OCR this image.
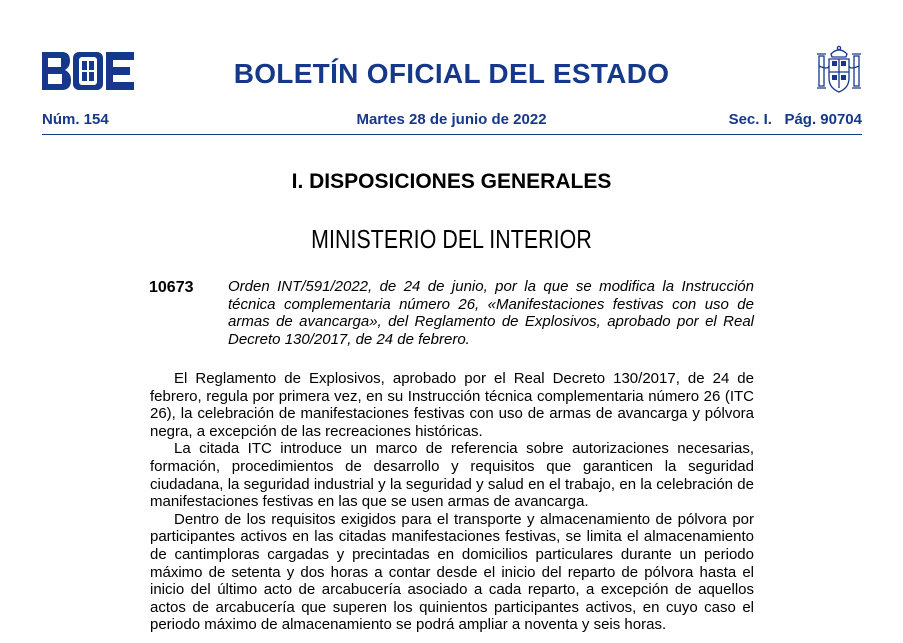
BOLETÍN OFICIAL DEL ESTADO
Núm. 154	Martes 28 de junio de 2022	Sec. I. Pág. 90704
I. DISPOSICIONES GENERALES
MINISTERIO DEL INTERIOR
10673 Orden INT/591/2022, de 24 de junio, por la que se modifica la Instrucción técnica complementaria número 26, «Manifestaciones festivas con uso de armas de avancarga», del Reglamento de Explosivos, aprobado por el Real Decreto 130/2017, de 24 de febrero.

El Reglamento de Explosivos, aprobado por el Real Decreto 130/2017, de 24 de febrero, regula por primera vez, en su Instrucción técnica complementaria número 26 (ITC 26), la celebración de manifestaciones festivas con uso de armas de avancarga y pólvora negra, a excepción de las recreaciones históricas.

La citada ITC introduce un marco de referencia sobre autorizaciones necesarias, formación, procedimientos de desarrollo y requisitos que garanticen la seguridad ciudadana, la seguridad industrial y la seguridad y salud en el trabajo, en la celebración de manifestaciones festivas en las que se usen armas de avancarga.

Dentro de los requisitos exigidos para el transporte y almacenamiento de pólvora por participantes activos en las citadas manifestaciones festivas, se limita el almacenamiento de cantimploras cargadas y precintadas en domicilios particulares durante un periodo máximo de setenta y dos horas a contar desde el inicio del reparto de pólvora hasta el inicio del último acto de arcabucería asociado a cada reparto, a excepción de aquellos actos de arcabucería que superen los quinientos participantes activos, en cuyo caso el periodo máximo de almacenamiento se podrá ampliar a noventa y seis horas.
